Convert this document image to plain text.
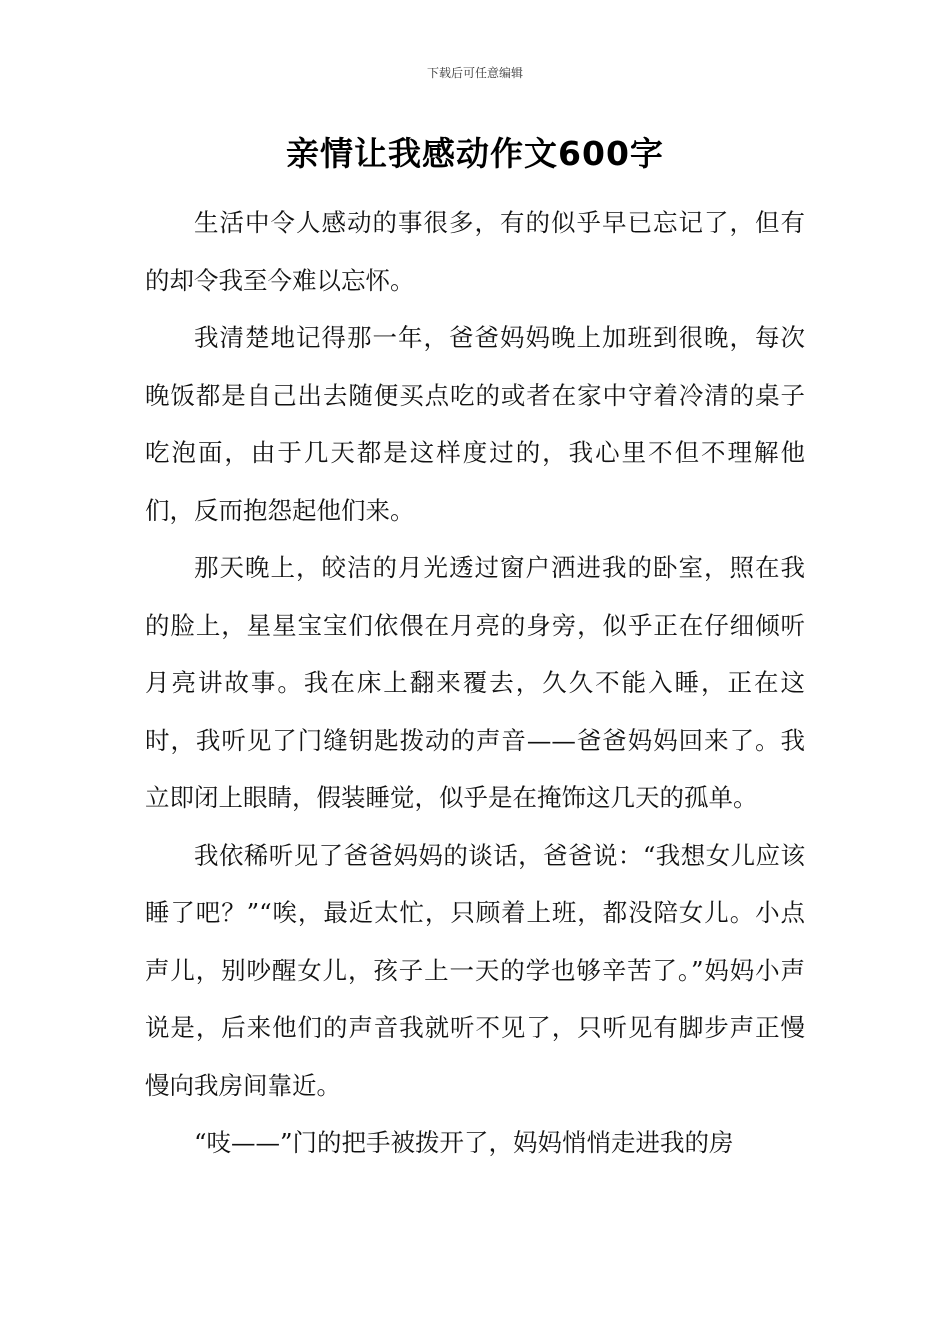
下载后可任意编辑
亲情让我感动作文600字

生活中令人感动的事很多，有的似乎早已忘记了，但有的却令我至今难以忘怀。

我清楚地记得那一年，爸爸妈妈晚上加班到很晚，每次晚饭都是自己出去随便买点吃的或者在家中守着冷清的桌子吃泡面，由于几天都是这样度过的，我心里不但不理解他们，反而抱怨起他们来。

那天晚上，皎洁的月光透过窗户洒进我的卧室，照在我的脸上，星星宝宝们依偎在月亮的身旁，似乎正在仔细倾听月亮讲故事。我在床上翻来覆去，久久不能入睡，正在这时，我听见了门缝钥匙拨动的声音——爸爸妈妈回来了。我立即闭上眼睛，假装睡觉，似乎是在掩饰这几天的孤单。

我依稀听见了爸爸妈妈的谈话，爸爸说：“我想女儿应该睡了吧？”“唉，最近太忙，只顾着上班，都没陪女儿。小点声儿，别吵醒女儿，孩子上一天的学也够辛苦了。”妈妈小声说是，后来他们的声音我就听不见了，只听见有脚步声正慢慢向我房间靠近。

“吱——”门的把手被拨开了，妈妈悄悄走进我的房
